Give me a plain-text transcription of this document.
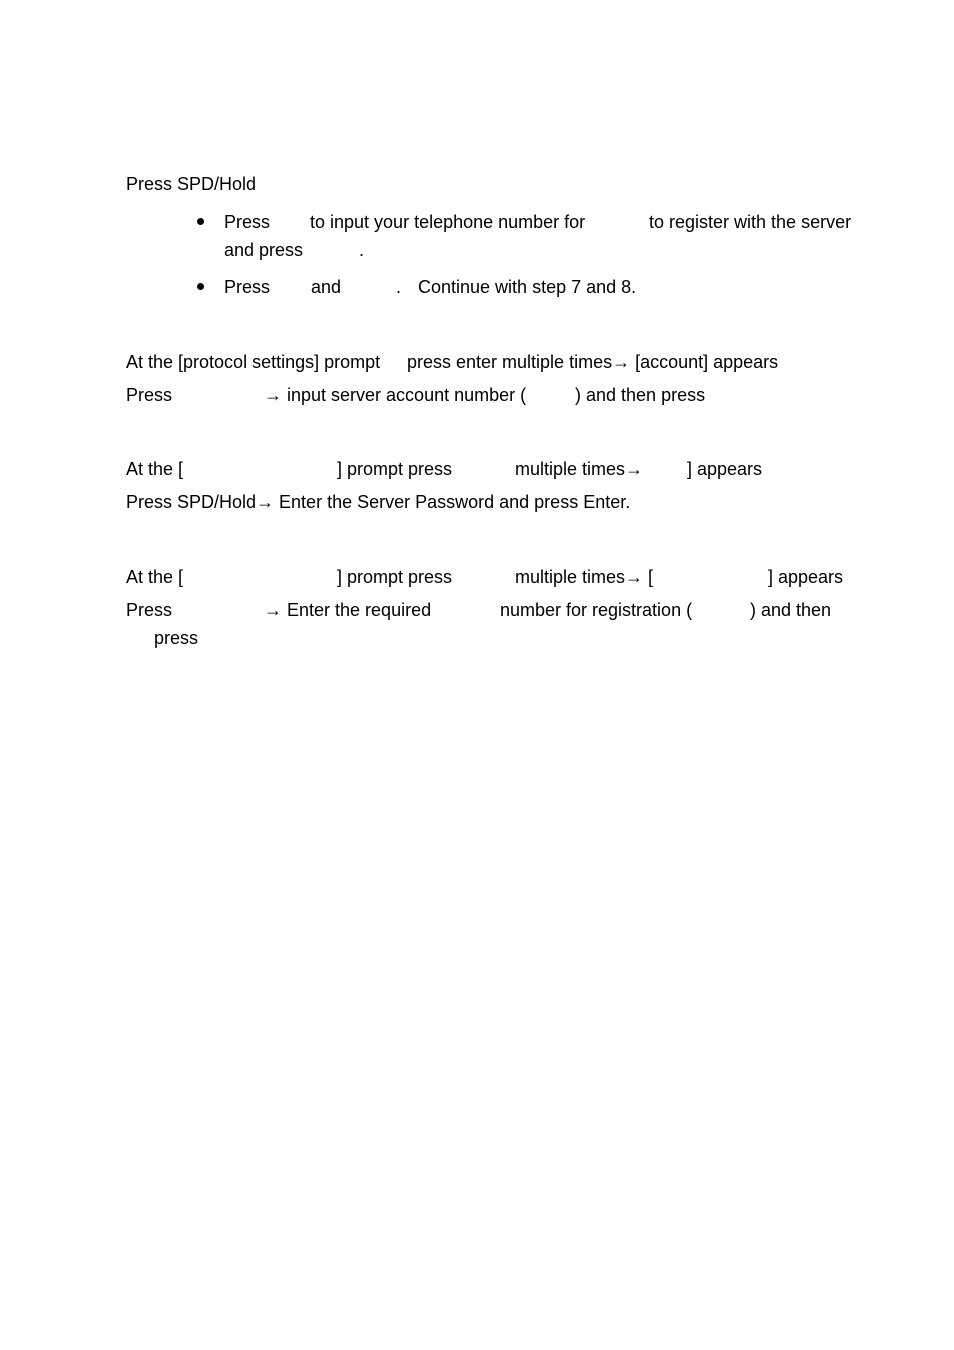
Press SPD/Hold
Press to input your telephone number for	to register with the server
and press	.
Press and	. Continue with step 7 and 8.
At the [protocol settings] prompt press enter multiple times→ [account] appears
Press	→ input server account number (	) and then press
At the [	] prompt press	multiple times→ ] appears
Press SPD/Hold→ Enter the Server Password and press Enter.
At the [	] prompt press	multiple times→ [	] appears
Press	→ Enter the required	number for registration (	) and then
press
